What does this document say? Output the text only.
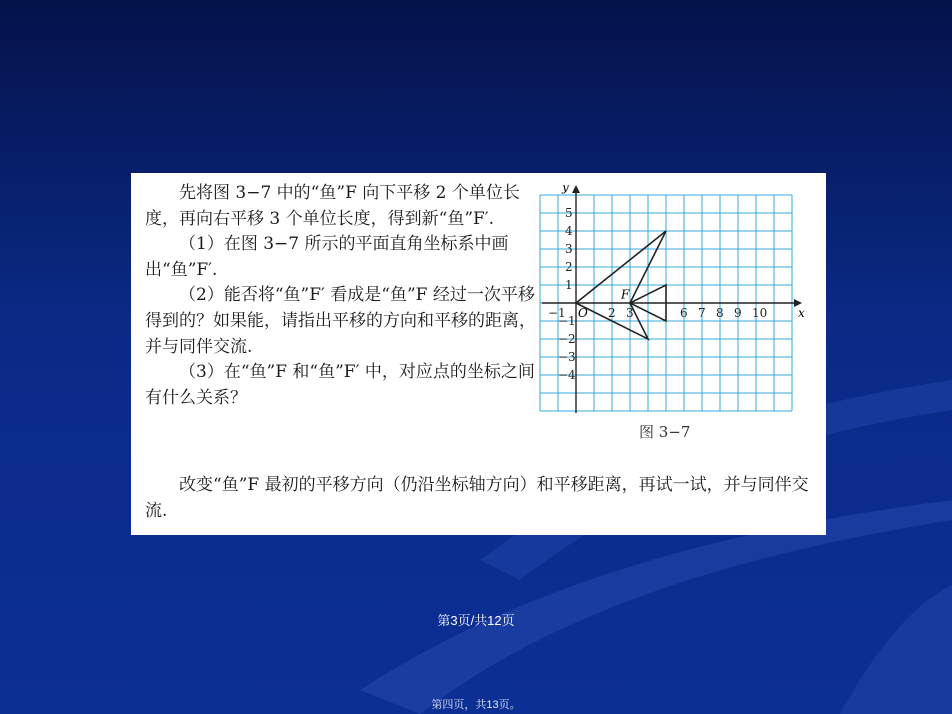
先将图 3−7 中的“鱼”F 向下平移 2 个单位长度，再向右平移 3 个单位长度，得到新“鱼”F′.

（1）在图 3−7 所示的平面直角坐标系中画出“鱼”F′.

（2）能否将“鱼”F′ 看成是“鱼”F 经过一次平移得到的？如果能，请指出平移的方向和平移的距离，并与同伴交流.

（3）在“鱼”F 和“鱼”F′ 中，对应点的坐标之间有什么关系？

改变“鱼”F 最初的平移方向（仍沿坐标轴方向）和平移距离，再试一试，并与同伴交流.

−1	2 3	6 7 8 9 10
5
4
3
2
1
−1
−2
−3
−4
x
y
O
F
图 3−7
第3页/共12页
第四页，共13页。
